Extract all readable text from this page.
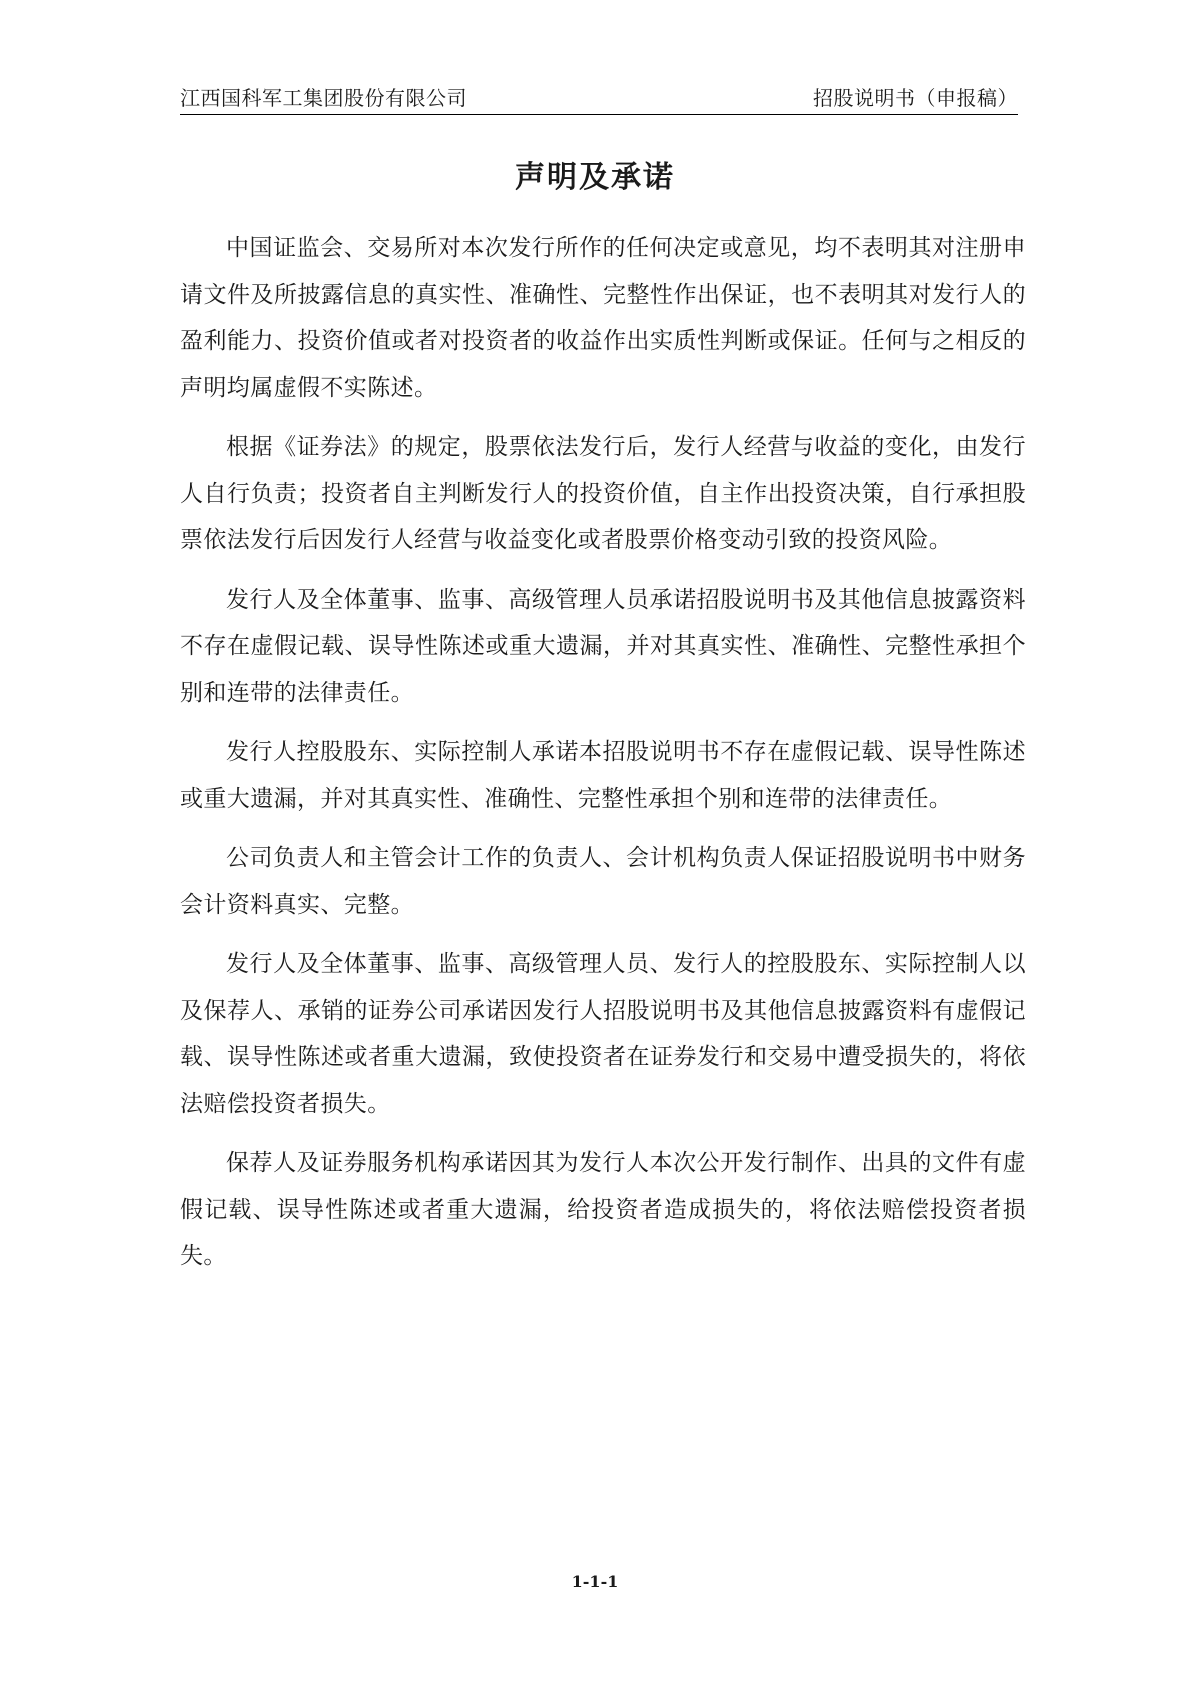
江西国科军工集团股份有限公司	招股说明书（申报稿）
声明及承诺

中国证监会、交易所对本次发行所作的任何决定或意见，均不表明其对注册申请文件及所披露信息的真实性、准确性、完整性作出保证，也不表明其对发行人的盈利能力、投资价值或者对投资者的收益作出实质性判断或保证。任何与之相反的声明均属虚假不实陈述。

根据《证券法》的规定，股票依法发行后，发行人经营与收益的变化，由发行人自行负责；投资者自主判断发行人的投资价值，自主作出投资决策，自行承担股票依法发行后因发行人经营与收益变化或者股票价格变动引致的投资风险。

发行人及全体董事、监事、高级管理人员承诺招股说明书及其他信息披露资料不存在虚假记载、误导性陈述或重大遗漏，并对其真实性、准确性、完整性承担个别和连带的法律责任。

发行人控股股东、实际控制人承诺本招股说明书不存在虚假记载、误导性陈述或重大遗漏，并对其真实性、准确性、完整性承担个别和连带的法律责任。

公司负责人和主管会计工作的负责人、会计机构负责人保证招股说明书中财务会计资料真实、完整。

发行人及全体董事、监事、高级管理人员、发行人的控股股东、实际控制人以及保荐人、承销的证券公司承诺因发行人招股说明书及其他信息披露资料有虚假记载、误导性陈述或者重大遗漏，致使投资者在证券发行和交易中遭受损失的，将依法赔偿投资者损失。

保荐人及证券服务机构承诺因其为发行人本次公开发行制作、出具的文件有虚假记载、误导性陈述或者重大遗漏，给投资者造成损失的，将依法赔偿投资者损失。

1-1-1
